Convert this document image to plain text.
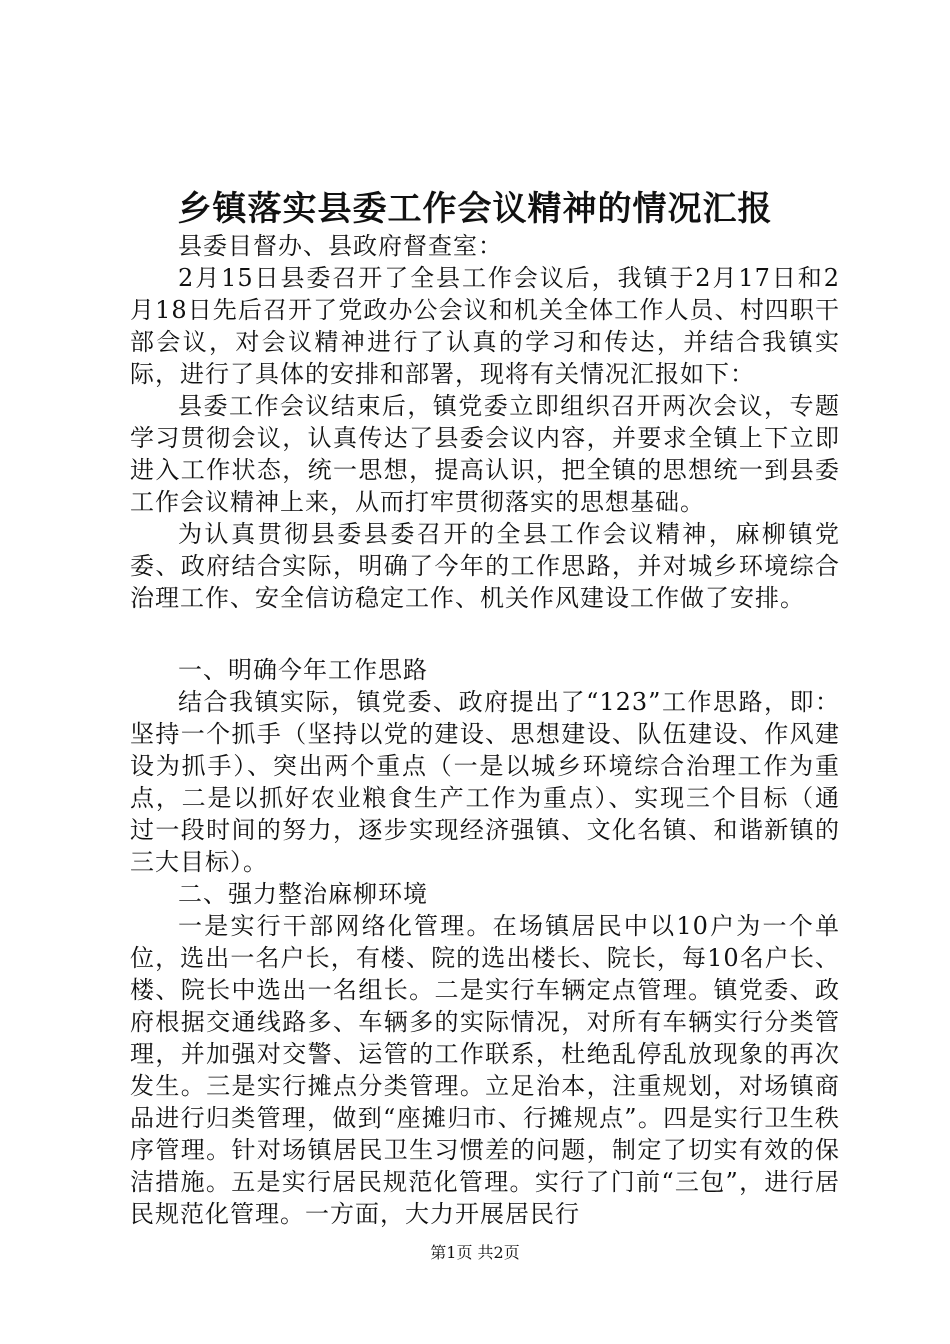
乡镇落实县委工作会议精神的情况汇报

县委目督办、县政府督查室：

2月15日县委召开了全县工作会议后，我镇于2月17日和2月18日先后召开了党政办公会议和机关全体工作人员、村四职干部会议，对会议精神进行了认真的学习和传达，并结合我镇实际，进行了具体的安排和部署，现将有关情况汇报如下：

县委工作会议结束后，镇党委立即组织召开两次会议，专题学习贯彻会议，认真传达了县委会议内容，并要求全镇上下立即进入工作状态，统一思想，提高认识，把全镇的思想统一到县委工作会议精神上来，从而打牢贯彻落实的思想基础。

为认真贯彻县委县委召开的全县工作会议精神，麻柳镇党委、政府结合实际，明确了今年的工作思路，并对城乡环境综合治理工作、安全信访稳定工作、机关作风建设工作做了安排。

一、明确今年工作思路

结合我镇实际，镇党委、政府提出了“123”工作思路，即：坚持一个抓手（坚持以党的建设、思想建设、队伍建设、作风建设为抓手）、突出两个重点（一是以城乡环境综合治理工作为重点，二是以抓好农业粮食生产工作为重点）、实现三个目标（通过一段时间的努力，逐步实现经济强镇、文化名镇、和谐新镇的三大目标）。

二、强力整治麻柳环境

一是实行干部网络化管理。在场镇居民中以10户为一个单位，选出一名户长，有楼、院的选出楼长、院长，每10名户长、楼、院长中选出一名组长。二是实行车辆定点管理。镇党委、政府根据交通线路多、车辆多的实际情况，对所有车辆实行分类管理，并加强对交警、运管的工作联系，杜绝乱停乱放现象的再次发生。三是实行摊点分类管理。立足治本，注重规划，对场镇商品进行归类管理，做到“座摊归市、行摊规点”。四是实行卫生秩序管理。针对场镇居民卫生习惯差的问题，制定了切实有效的保洁措施。五是实行居民规范化管理。实行了门前“三包”，进行居民规范化管理。一方面，大力开展居民行

第1页 共2页
